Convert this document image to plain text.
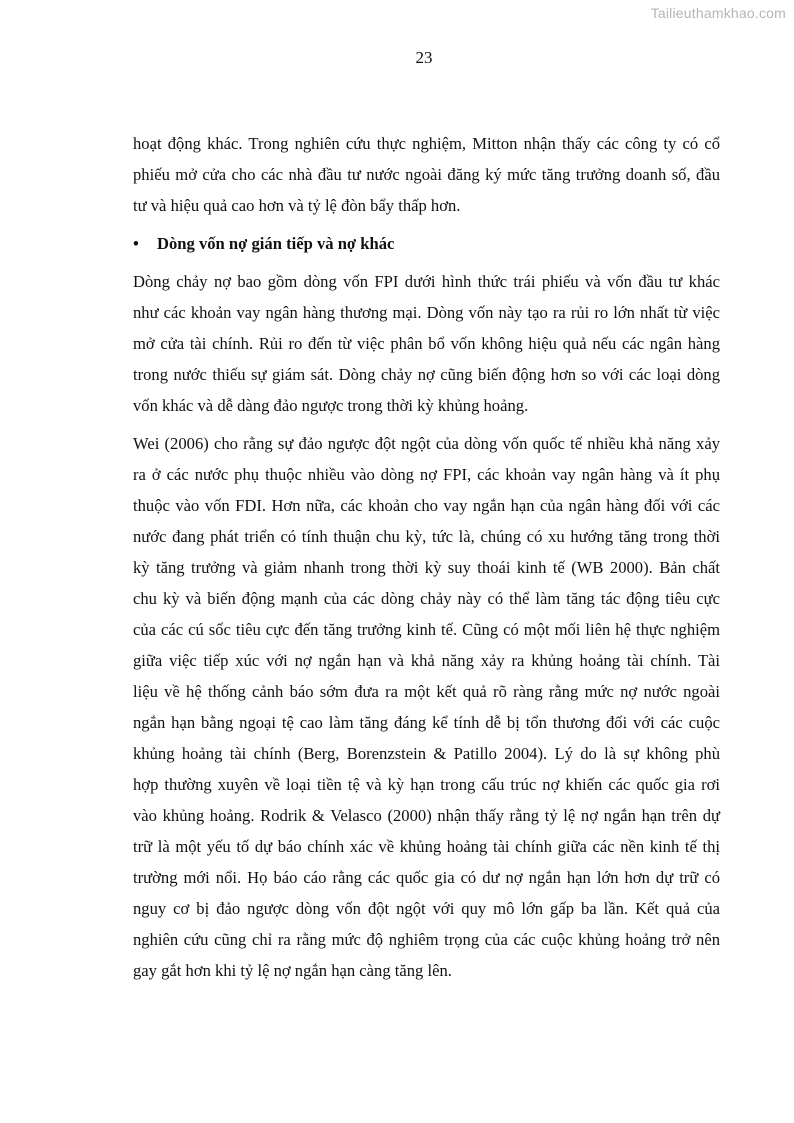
Tailieuthamkhao.com
23
hoạt động khác. Trong nghiên cứu thực nghiệm, Mitton nhận thấy các công ty có cổ
phiếu mở cửa cho các nhà đầu tư nước ngoài đăng ký mức tăng trưởng doanh số, đầu
tư và hiệu quả cao hơn và tỷ lệ đòn bẩy thấp hơn.
• Dòng vốn nợ gián tiếp và nợ khác
Dòng chảy nợ bao gồm dòng vốn FPI dưới hình thức trái phiếu và vốn đầu tư khác
như các khoản vay ngân hàng thương mại. Dòng vốn này tạo ra rủi ro lớn nhất từ việc
mở cửa tài chính. Rủi ro đến từ việc phân bổ vốn không hiệu quả nếu các ngân hàng
trong nước thiếu sự giám sát. Dòng chảy nợ cũng biến động hơn so với các loại dòng
vốn khác và dễ dàng đảo ngược trong thời kỳ khủng hoảng.
Wei (2006) cho rằng sự đảo ngược đột ngột của dòng vốn quốc tế nhiều khả năng xảy
ra ở các nước phụ thuộc nhiều vào dòng nợ FPI, các khoản vay ngân hàng và ít phụ
thuộc vào vốn FDI. Hơn nữa, các khoản cho vay ngắn hạn của ngân hàng đối với các
nước đang phát triển có tính thuận chu kỳ, tức là, chúng có xu hướng tăng trong thời
kỳ tăng trưởng và giảm nhanh trong thời kỳ suy thoái kinh tế (WB 2000). Bản chất
chu kỳ và biến động mạnh của các dòng chảy này có thể làm tăng tác động tiêu cực
của các cú sốc tiêu cực đến tăng trưởng kinh tế. Cũng có một mối liên hệ thực nghiệm
giữa việc tiếp xúc với nợ ngắn hạn và khả năng xảy ra khủng hoảng tài chính. Tài
liệu về hệ thống cảnh báo sớm đưa ra một kết quả rõ ràng rằng mức nợ nước ngoài
ngắn hạn bằng ngoại tệ cao làm tăng đáng kể tính dễ bị tổn thương đối với các cuộc
khủng hoảng tài chính (Berg, Borenzstein & Patillo 2004). Lý do là sự không phù
hợp thường xuyên về loại tiền tệ và kỳ hạn trong cấu trúc nợ khiến các quốc gia rơi
vào khủng hoảng. Rodrik & Velasco (2000) nhận thấy rằng tỷ lệ nợ ngắn hạn trên dự
trữ là một yếu tố dự báo chính xác về khủng hoảng tài chính giữa các nền kinh tế thị
trường mới nổi. Họ báo cáo rằng các quốc gia có dư nợ ngắn hạn lớn hơn dự trữ có
nguy cơ bị đảo ngược dòng vốn đột ngột với quy mô lớn gấp ba lần. Kết quả của
nghiên cứu cũng chỉ ra rằng mức độ nghiêm trọng của các cuộc khủng hoảng trở nên
gay gắt hơn khi tỷ lệ nợ ngắn hạn càng tăng lên.
